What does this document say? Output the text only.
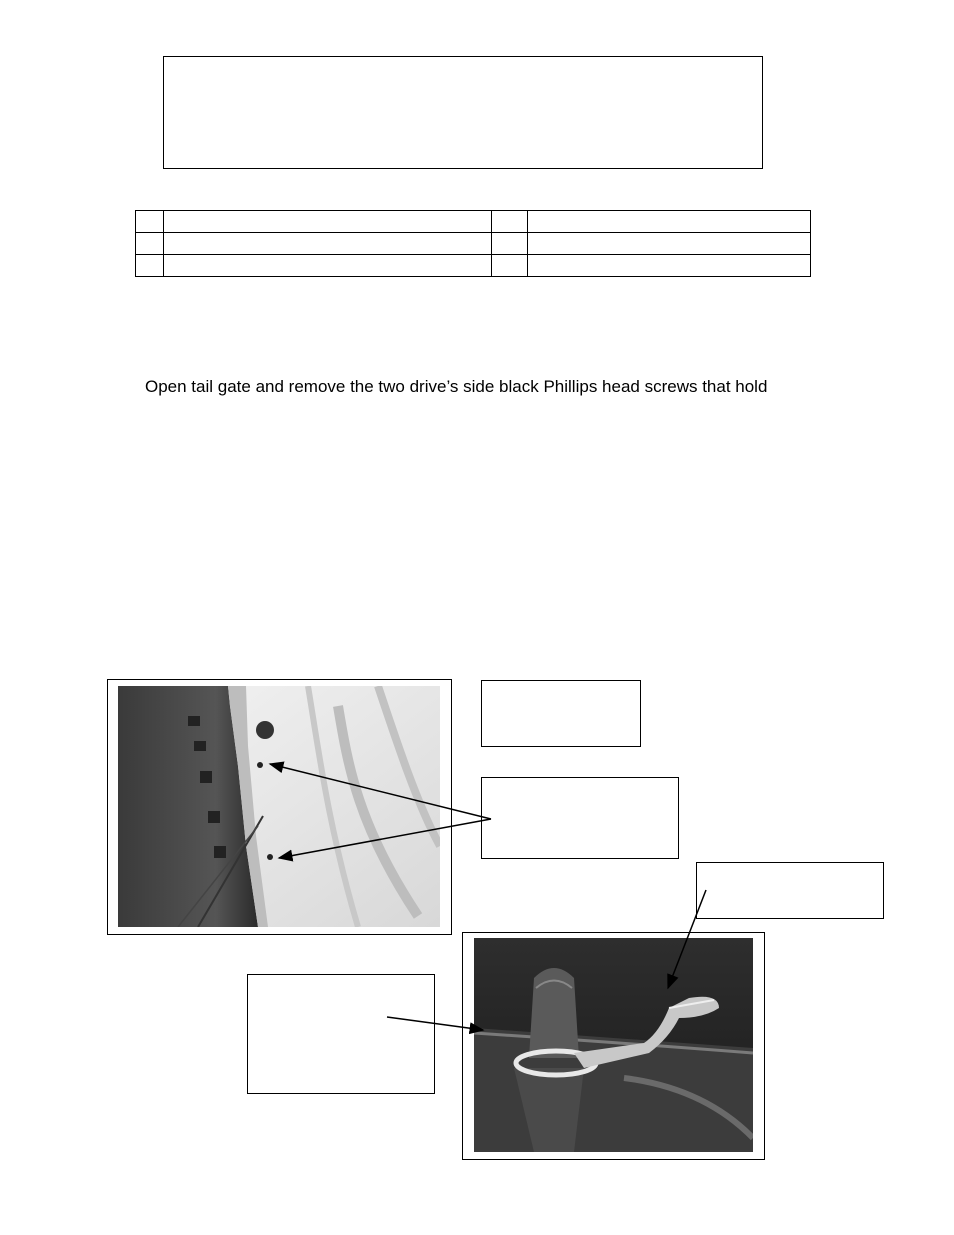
Open tail gate and remove the two drive’s side black Phillips head screws that hold
